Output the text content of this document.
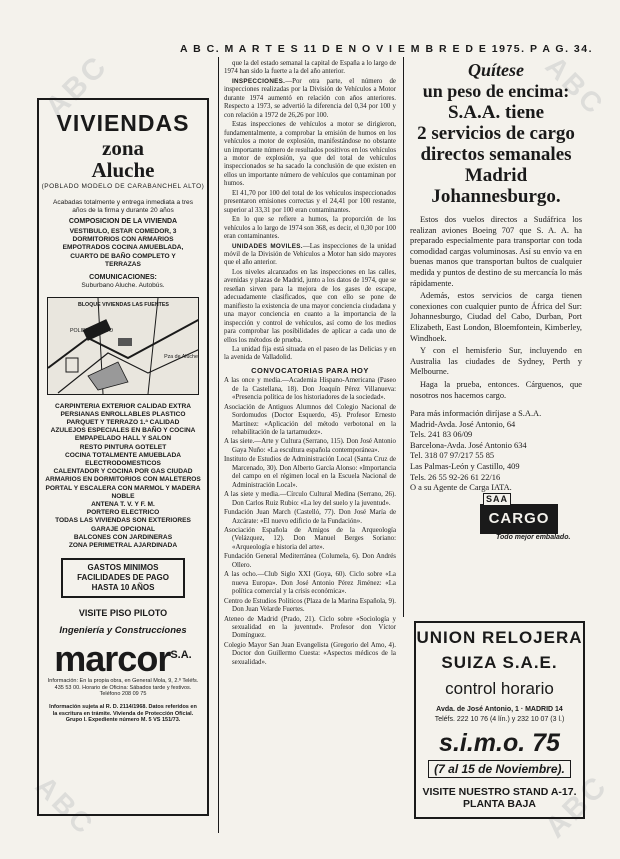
A B C. M A R T E S 11 D E N O V I E M B R E D E 1975. P A G. 34.
ABC	ABC
ABC	ABC
VIVIENDAS
zona
Aluche
(POBLADO MODELO DE CARABANCHEL ALTO)
Acabadas totalmente y entrega inmediata a tres años de la firma y durante 20 años
COMPOSICION DE LA VIVIENDA
VESTIBULO, ESTAR COMEDOR, 3 DORMITORIOS CON ARMARIOS EMPOTRADOS COCINA AMUEBLADA, CUARTO DE BAÑO COMPLETO Y TERRAZAS
COMUNICACIONES:
Suburbano Aluche. Autobús.
BLOQUE VIVIENDAS LAS FUENTES
POLIDEPORTIVO
Pza de Aluche
CARPINTERIA EXTERIOR CALIDAD EXTRA
PERSIANAS ENROLLABLES PLASTICO
PARQUET Y TERRAZO 1.ª CALIDAD
AZULEJOS ESPECIALES EN BAÑO Y COCINA
EMPAPELADO HALL Y SALON
RESTO PINTURA GOTELET
COCINA TOTALMENTE AMUEBLADA
ELECTRODOMESTICOS
CALENTADOR Y COCINA POR GAS CIUDAD
ARMARIOS EN DORMITORIOS CON MALETEROS
PORTAL Y ESCALERA CON MARMOL Y MADERA NOBLE
ANTENA T. V. Y F. M.
PORTERO ELECTRICO
TODAS LAS VIVIENDAS SON EXTERIORES
GARAJE OPCIONAL
BALCONES CON JARDINERAS
ZONA PERIMETRAL AJARDINADA
GASTOS MINIMOS
FACILIDADES DE PAGO
HASTA 10 AÑOS
VISITE PISO PILOTO
Ingeniería y Construcciones
marcor$^{S.A.}$
Información: En la propia obra, en General Mola, 9, 2.º Teléfs. 435 53 00. Horario de Oficina: Sábados tarde y festivos. Teléfono 208 09 75
Información sujeta al R. D. 2114/1968. Datos referidos en la escritura en trámite. Vivienda de Protección Oficial. Grupo I. Expediente número M. 5 VS 151/73.

que la del estado semanal la capital de España a lo largo de 1974 han sido la fuerte a la del año anterior.

INSPECCIONES.—Por otra parte, el número de inspecciones realizadas por la División de Vehículos a Motor durante 1974 aumentó en relación con años anteriores. Respecto a 1973, se advertió la diferencia del 0,34 por 100 y con relación a 1972 de 26,26 por 100.

Estas inspecciones de vehículos a motor se dirigieron, fundamentalmente, a comprobar la emisión de humos en los vehículos a motor de explosión, manifestándose no obstante un importante número de resultados positivos en los vehículos a motor de explosión, ya que del total de vehículos inspeccionados se ha sacado la conclusión de que existen en ellos un importante número de vehículos que contaminan por humos.

El 41,70 por 100 del total de los vehículos inspeccionados presentaron emisiones correctas y el 24,41 por 100 restante, superior al 33,31 por 100 eran contaminantes.

En lo que se refiere a humos, la proporción de los vehículos a lo largo de 1974 son 368, es decir, el 0,30 por 100 eran contaminantes.

UNIDADES MOVILES.—Las inspecciones de la unidad móvil de la División de Vehículos a Motor han sido mayores que el año anterior.

Los niveles alcanzados en las inspecciones en las calles, avenidas y plazas de Madrid, junto a los datos de 1974, que se reseñan sirven para la mejora de los gases de escape, adecuadamente clasificados, que con ello se pone de manifiesto la existencia de una mayor conciencia ciudadana y una mayor conciencia en cuanto a la importancia de la inspección y control de vehículos, así como de los medios para comprobar las posibilidades de aplicar a cada uno de ellos los métodos de prueba.

La unidad fija está situada en el paseo de las Delicias y en la avenida de Valladolid.

CONVOCATORIAS PARA HOY
A las once y media.—Academia Hispano-Americana (Paseo de la Castellana, 18). Don Joaquín Pérez Villanueva: «Presencia política de los historiadores de la sociedad».
Asociación de Antiguos Alumnos del Colegio Nacional de Sordomudos (Doctor Esquerdo, 45). Profesor Ernesto Martínez: «Aplicación del método verbotonal en la rehabilitación de la tartamudez».
A las siete.—Arte y Cultura (Serrano, 115). Don José Antonio Gaya Nuño: «La escultura española contemporánea».
Instituto de Estudios de Administración Local (Santa Cruz de Marcenado, 30). Don Alberto García Alonso: «Importancia del campo en el régimen local en la Escuela Nacional de Administración Local».
A las siete y media.—Círculo Cultural Medina (Serrano, 26). Don Carlos Ruiz Rubio: «La ley del suelo y la juventud».
Fundación Juan March (Castelló, 77). Don José María de Azcárate: «El nuevo edificio de la Fundación».
Asociación Española de Amigos de la Arqueología (Velázquez, 12). Don Manuel Berges Soriano: «Arqueología e historia del arte».
Fundación General Mediterránea (Columela, 6). Don Andrés Ollero.
A las ocho.—Club Siglo XXI (Goya, 60). Ciclo sobre «La nueva Europa». Don José Antonio Pérez Jiménez: «La política comercial y la crisis económica».
Centro de Estudios Políticos (Plaza de la Marina Española, 9). Don Juan Velarde Fuertes.
Ateneo de Madrid (Prado, 21). Ciclo sobre «Sociología y sexualidad en la juventud». Profesor don Víctor Domínguez.
Colegio Mayor San Juan Evangelista (Gregorio del Amo, 4). Doctor don Guillermo Cuesta: «Aspectos médicos de la sexualidad».
Quítese
un peso de encima:
S.A.A. tiene
2 servicios de cargo
directos semanales
Madrid
Johannesburgo.

Estos dos vuelos directos a Sudáfrica los realizan aviones Boeing 707 que S. A. A. ha preparado especialmente para transportar con toda comodidad cargas voluminosas. Así su envío va en buenas manos que transportan bultos de cualquier medida y puntos de destino de su mercancía lo más rápidamente.

Además, estos servicios de carga tienen conexiones con cualquier punto de África del Sur: Johannesburgo, Ciudad del Cabo, Durban, Port Elizabeth, East London, Bloemfontein, Kimberley, Windhoek.

Y con el hemisferio Sur, incluyendo en Australia las ciudades de Sydney, Perth y Melbourne.

Haga la prueba, entonces. Cárguenos, que nosotros nos hacemos cargo.

Para más información diríjase a S.A.A.

Madrid-Avda. José Antonio, 64

Tels. 241 83 06/09

Barcelona-Avda. José Antonio 634

Tel. 318 07 97/217 55 85

Las Palmas-León y Castillo, 409

Tels. 26 55 92-26 61 22/16

O a su Agente de Carga IATA.

SAA
CARGO
Todo mejor embalado.
UNION RELOJERA
SUIZA S.A.E.
control horario
Avda. de José Antonio, 1 · MADRID 14
Teléfs. 222 10 76 (4 lín.) y 232 10 07 (3 l.)
s.i.m.o. 75
(7 al 15 de Noviembre).
VISITE NUESTRO STAND A-17.
PLANTA BAJA
